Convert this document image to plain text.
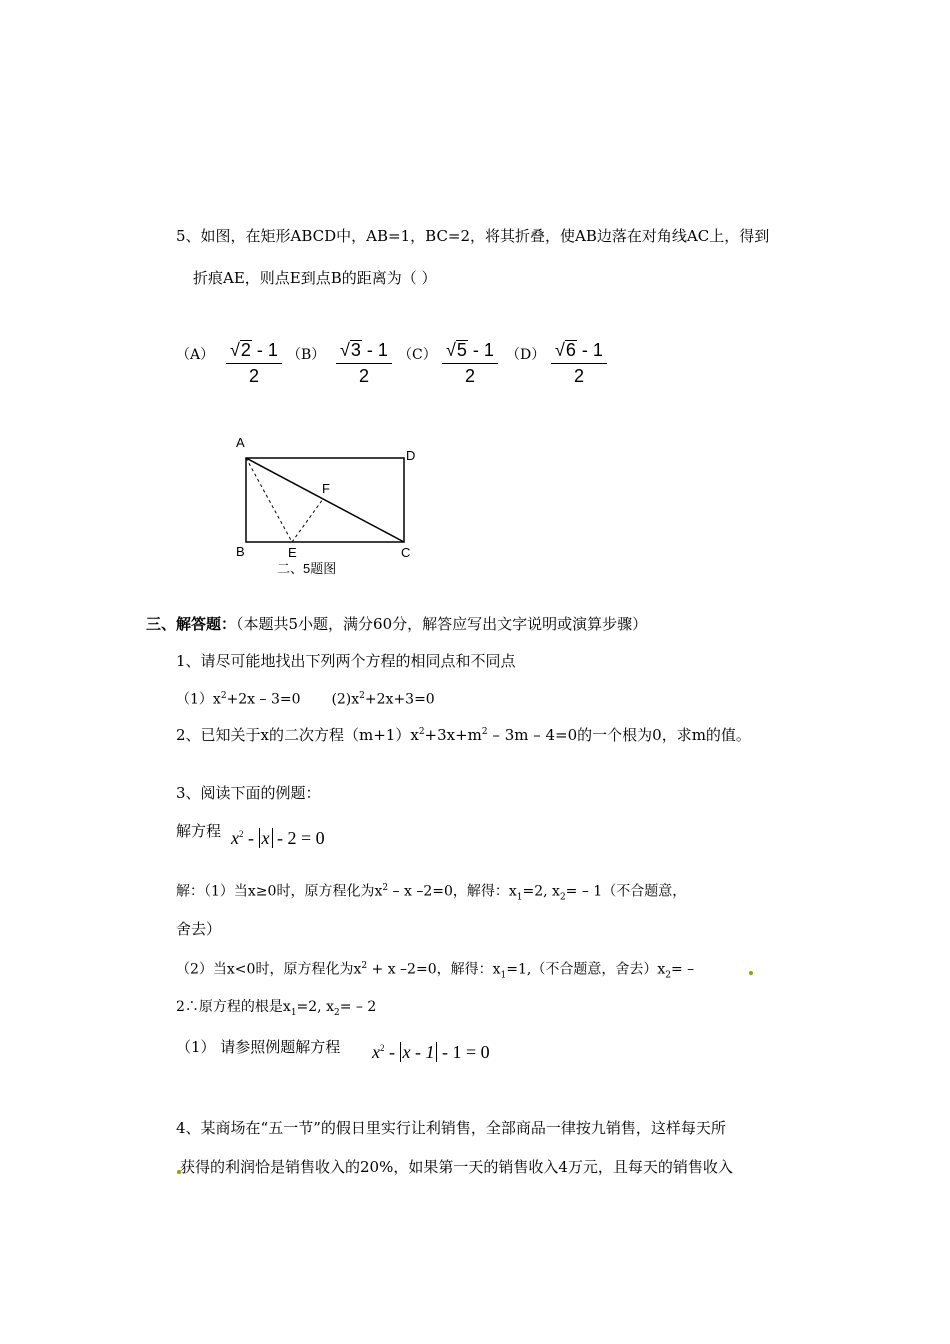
5、如图，在矩形ABCD中，AB=1，BC=2，将其折叠，使AB边落在对角线AC上，得到
折痕AE，则点E到点B的距离为（ ）
$(A) \frac{√2 - 1}{2} (B) \frac{√3 - 1}{2} (C) \frac{√5 - 1}{2} (D) \frac{√6 - 1}{2}$
A
D
B	C
E
F
二、5题图
三、解答题：（本题共5小题，满分60分，解答应写出文字说明或演算步骤）
1、请尽可能地找出下列两个方程的相同点和不同点
$(1)x^2+2x - 3=0$ $(2)x^2+2x+3=0$
2、已知关于x的二次方程$(m+1)x^2+3x+m^2 - 3m - 4=0$的一个根为0，求m的值。
3、阅读下面的例题：
解方程 $x^2 - x - 2 = 0$
解：（1）当x≥0时，原方程化为$x^2$ – x –2=0，解得：$x_1=2$, $x_2= - 1$（不合题意，
舍去）
（2）当x<0时，原方程化为$x^2 + x$ –2=0，解得：$x_1=1$,（不合题意，舍去）$x_2=$ –
2∴原方程的根是$x_1=2$, $x_2= - 2$
（1） 请参照例题解方程 $x^2 - x - 1 - 1 = 0$
4、某商场在“五一节”的假日里实行让利销售，全部商品一律按九销售，这样每天所
获得的利润恰是销售收入的20%，如果第一天的销售收入4万元，且每天的销售收入
